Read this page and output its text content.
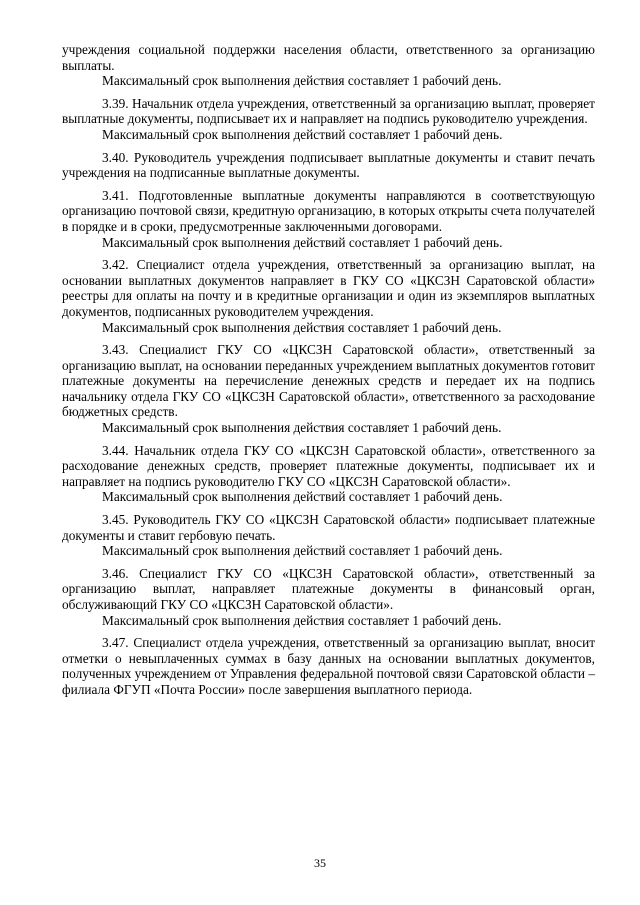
учреждения социальной поддержки населения области, ответственного за организацию выплаты.

Максимальный срок выполнения действия составляет 1 рабочий день.

3.39. Начальник отдела учреждения, ответственный за организацию выплат, проверяет выплатные документы, подписывает их и направляет на подпись руководителю учреждения.

Максимальный срок выполнения действий составляет 1 рабочий день.

3.40. Руководитель учреждения подписывает выплатные документы и ставит печать учреждения на подписанные выплатные документы.

3.41. Подготовленные выплатные документы направляются в соответствующую организацию почтовой связи, кредитную организацию, в которых открыты счета получателей в порядке и в сроки, предусмотренные заключенными договорами.

Максимальный срок выполнения действий составляет 1 рабочий день.

3.42. Специалист отдела учреждения, ответственный за организацию выплат, на основании выплатных документов направляет в ГКУ СО «ЦКСЗН Саратовской области» реестры для оплаты на почту и в кредитные организации и один из экземпляров выплатных документов, подписанных руководителем учреждения.

Максимальный срок выполнения действия составляет 1 рабочий день.

3.43. Специалист ГКУ СО «ЦКСЗН Саратовской области», ответственный за организацию выплат, на основании переданных учреждением выплатных документов готовит платежные документы на перечисление денежных средств и передает их на подпись начальнику отдела ГКУ СО «ЦКСЗН Саратовской области», ответственного за расходование бюджетных средств.

Максимальный срок выполнения действия составляет 1 рабочий день.

3.44. Начальник отдела ГКУ СО «ЦКСЗН Саратовской области», ответственного за расходование денежных средств, проверяет платежные документы, подписывает их и направляет на подпись руководителю ГКУ СО «ЦКСЗН Саратовской области».

Максимальный срок выполнения действий составляет 1 рабочий день.

3.45. Руководитель ГКУ СО «ЦКСЗН Саратовской области» подписывает платежные документы и ставит гербовую печать.

Максимальный срок выполнения действий составляет 1 рабочий день.

3.46. Специалист ГКУ СО «ЦКСЗН Саратовской области», ответственный за организацию выплат, направляет платежные документы в финансовый орган, обслуживающий ГКУ СО «ЦКСЗН Саратовской области».

Максимальный срок выполнения действия составляет 1 рабочий день.

3.47. Специалист отдела учреждения, ответственный за организацию выплат, вносит отметки о невыплаченных суммах в базу данных на основании выплатных документов, полученных учреждением от Управления федеральной почтовой связи Саратовской области – филиала ФГУП «Почта России» после завершения выплатного периода.

35
